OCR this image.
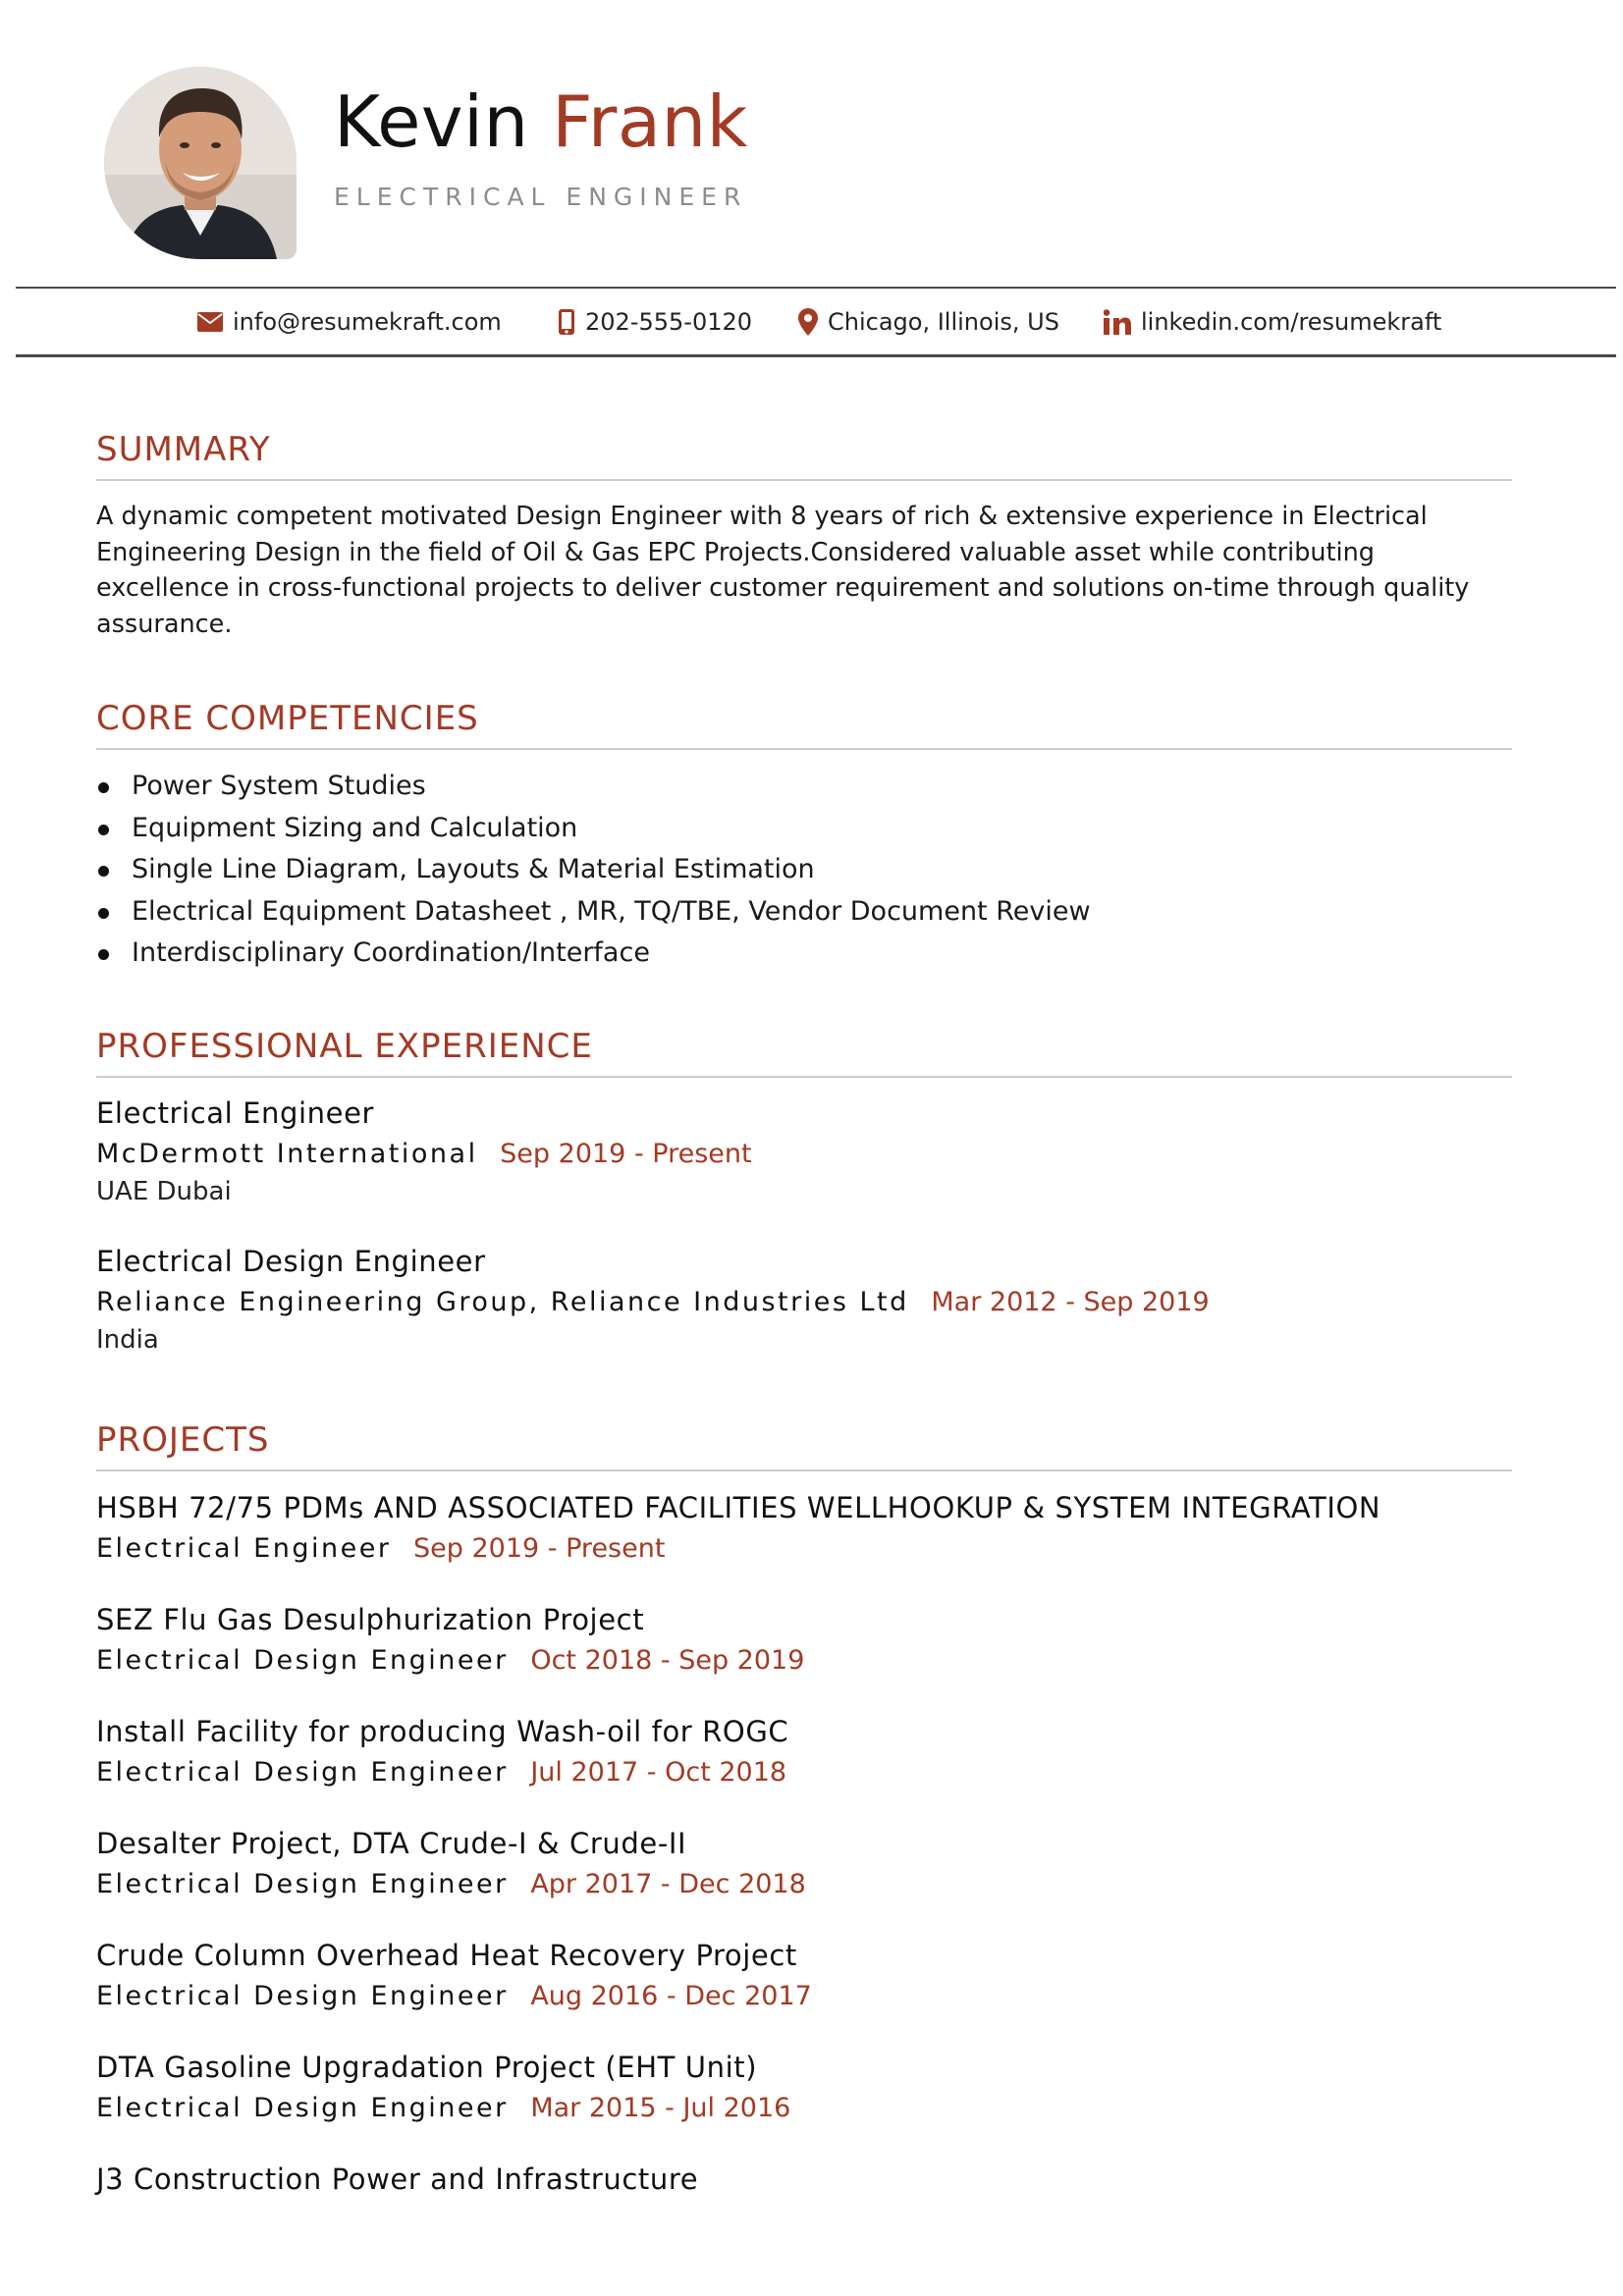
Kevin Frank
ELECTRICAL ENGINEER
info@resumekraft.com	202-555-0120	Chicago, Illinois, US	linkedin.com/resumekraft
SUMMARY

A dynamic competent motivated Design Engineer with 8 years of rich & extensive experience in Electrical Engineering Design in the field of Oil & Gas EPC Projects.Considered valuable asset while contributing excellence in cross-functional projects to deliver customer requirement and solutions on-time through quality assurance.

CORE COMPETENCIES
Power System Studies
Equipment Sizing and Calculation
Single Line Diagram, Layouts & Material Estimation
Electrical Equipment Datasheet , MR, TQ/TBE, Vendor Document Review
Interdisciplinary Coordination/Interface
PROFESSIONAL EXPERIENCE
Electrical Engineer
McDermott International Sep 2019 - Present
UAE Dubai
Electrical Design Engineer
Reliance Engineering Group, Reliance Industries Ltd Mar 2012 - Sep 2019
India
PROJECTS
HSBH 72/75 PDMs AND ASSOCIATED FACILITIES WELLHOOKUP & SYSTEM INTEGRATION
Electrical Engineer Sep 2019 - Present
SEZ Flu Gas Desulphurization Project
Electrical Design Engineer Oct 2018 - Sep 2019
Install Facility for producing Wash-oil for ROGC
Electrical Design Engineer Jul 2017 - Oct 2018
Desalter Project, DTA Crude-I & Crude-II
Electrical Design Engineer Apr 2017 - Dec 2018
Crude Column Overhead Heat Recovery Project
Electrical Design Engineer Aug 2016 - Dec 2017
DTA Gasoline Upgradation Project (EHT Unit)
Electrical Design Engineer Mar 2015 - Jul 2016
J3 Construction Power and Infrastructure
